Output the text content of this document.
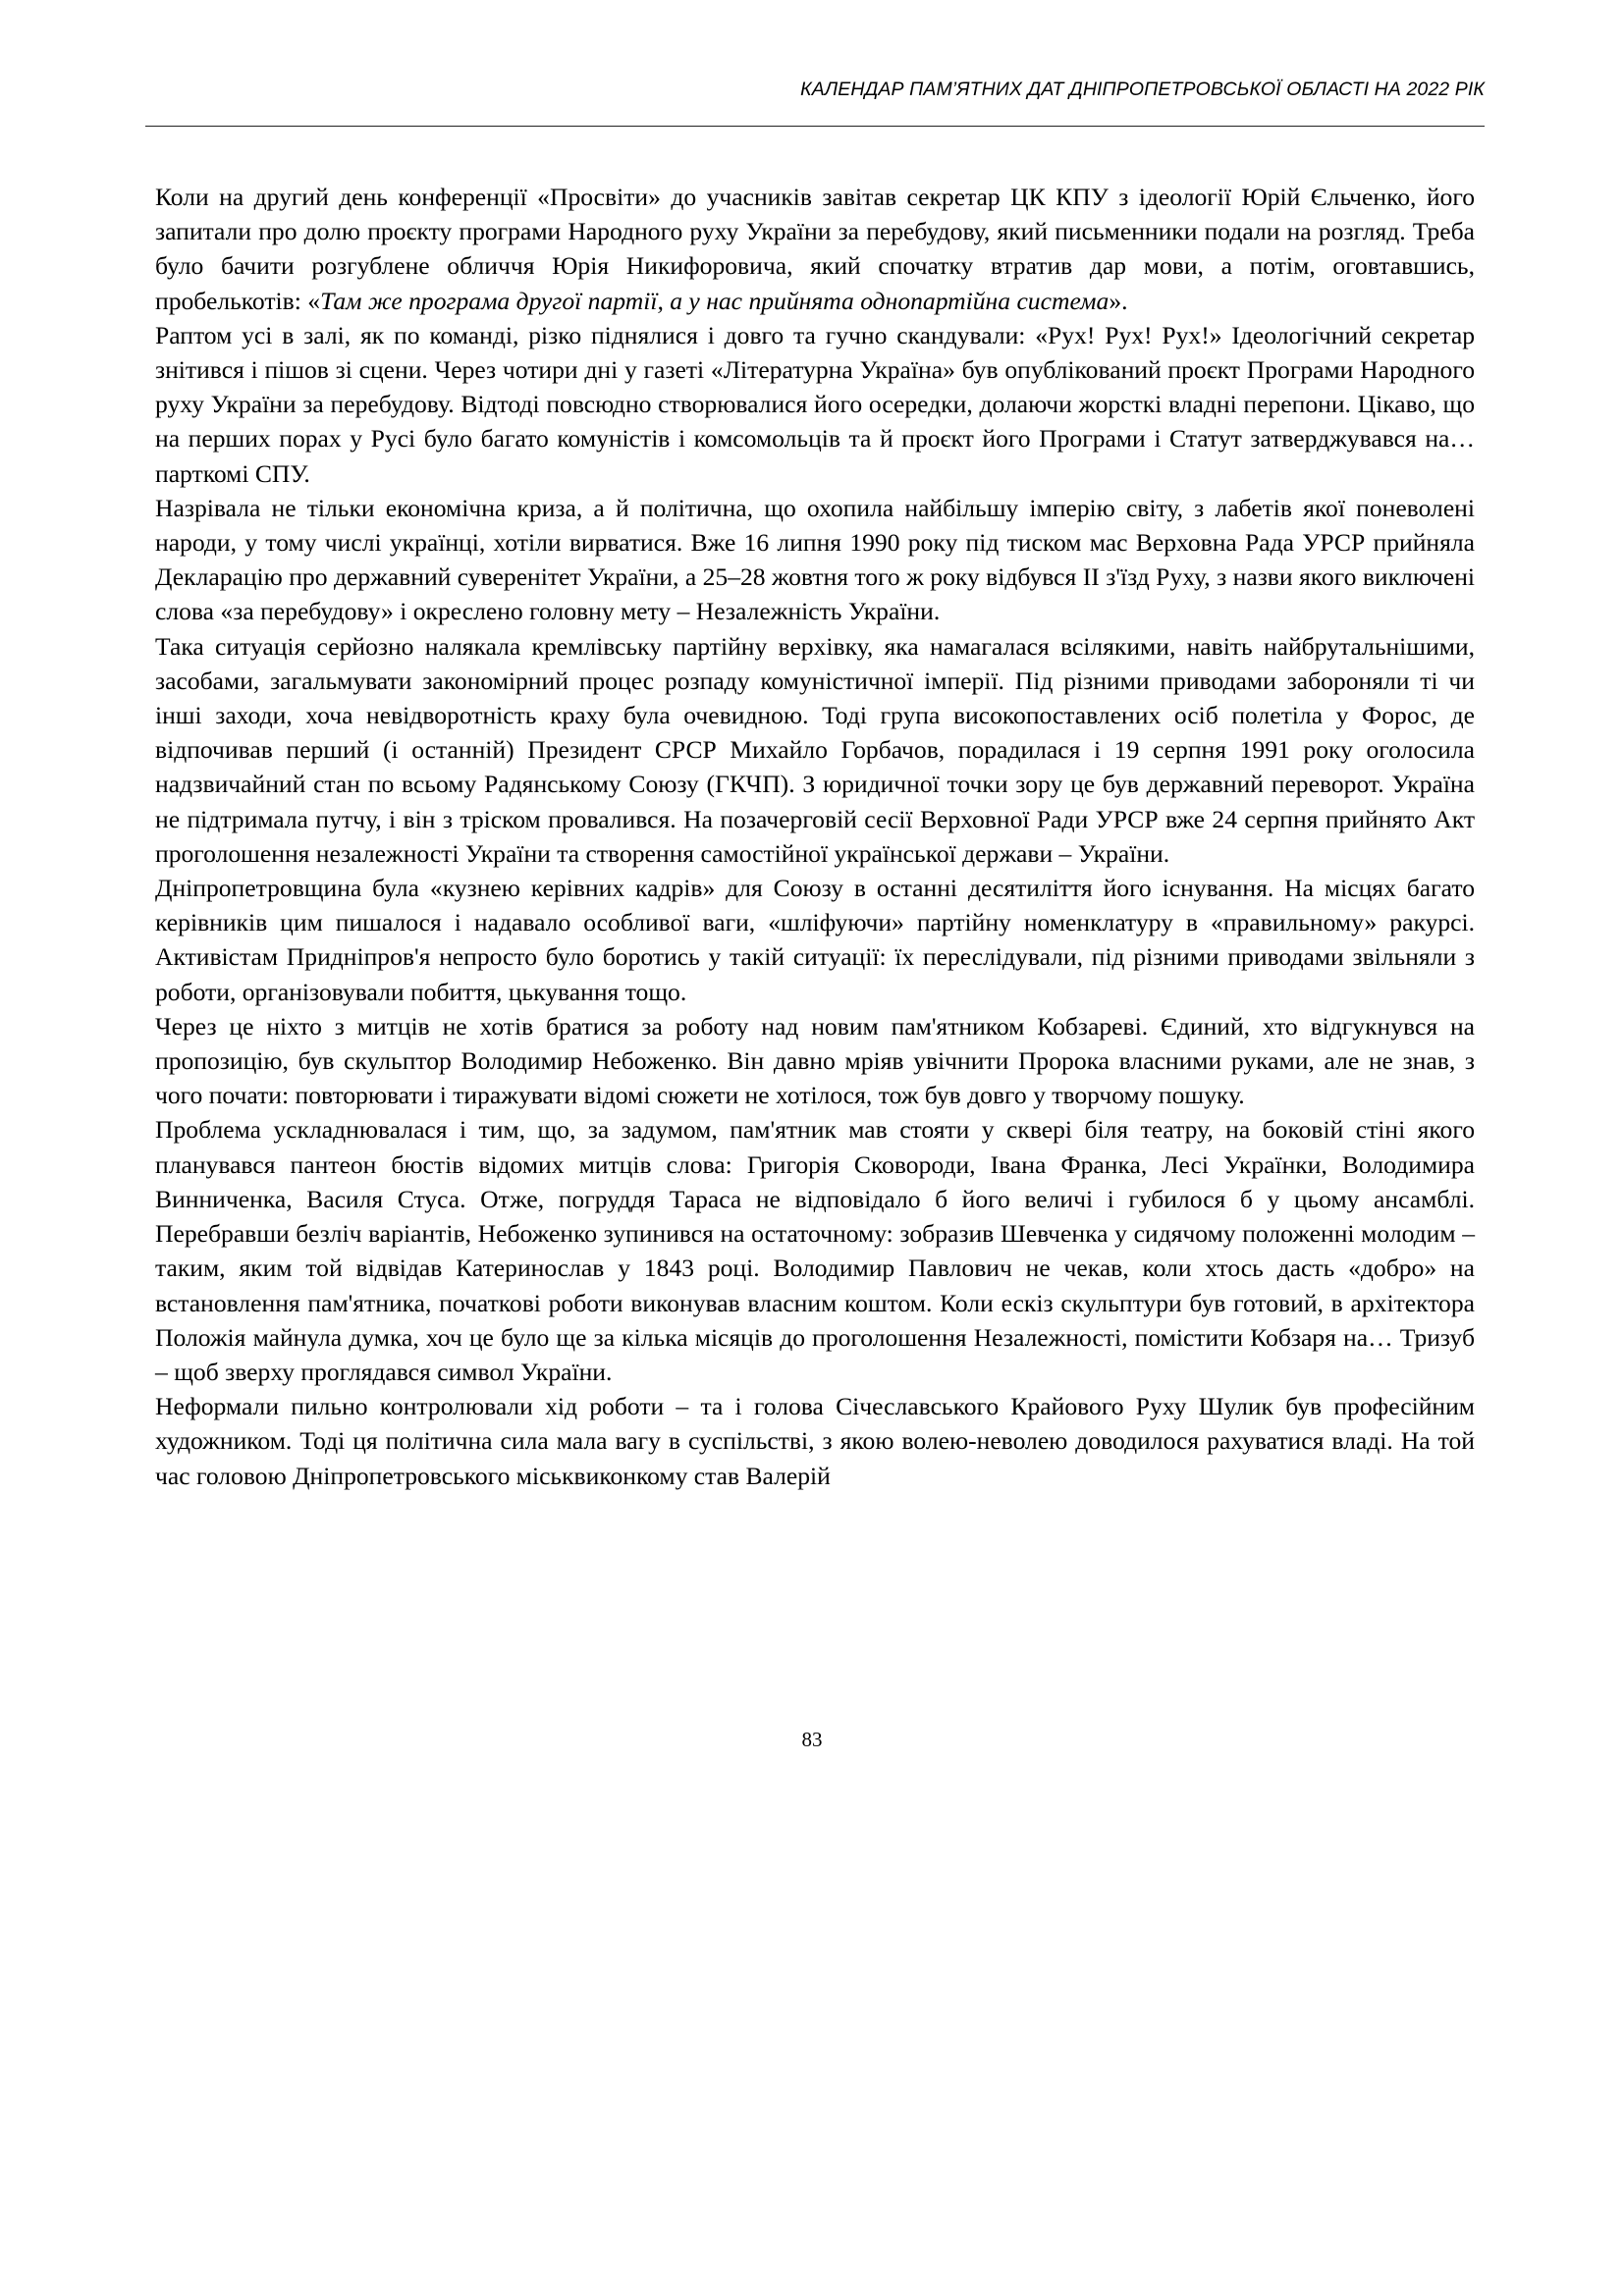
КАЛЕНДАР ПАМ’ЯТНИХ ДАТ ДНІПРОПЕТРОВСЬКОЇ ОБЛАСТІ НА 2022 РІК

Коли на другий день конференції «Просвіти» до учасників завітав секретар ЦК КПУ з ідеології Юрій Єльченко, його запитали про долю проєкту програми Народного руху України за перебудову, який письменники подали на розгляд. Треба було бачити розгублене обличчя Юрія Никифоровича, який спочатку втратив дар мови, а потім, оговтавшись, пробелькотів: «Там же програма другої партії, а у нас прийнята однопартійна система».

Раптом усі в залі, як по команді, різко піднялися і довго та гучно скандували: «Рух! Рух! Рух!» Ідеологічний секретар знітився і пішов зі сцени. Через чотири дні у газеті «Літературна Україна» був опублікований проєкт Програми Народного руху України за перебудову. Відтоді повсюдно створювалися його осередки, долаючи жорсткі владні перепони. Цікаво, що на перших порах у Русі було багато комуністів і комсомольців та й проєкт його Програми і Статут затверджувався на… парткомі СПУ.

Назрівала не тільки економічна криза, а й політична, що охопила найбільшу імперію світу, з лабетів якої поневолені народи, у тому числі українці, хотіли вирватися. Вже 16 липня 1990 року під тиском мас Верховна Рада УРСР прийняла Декларацію про державний суверенітет України, а 25–28 жовтня того ж року відбувся ІІ з'їзд Руху, з назви якого виключені слова «за перебудову» і окреслено головну мету – Незалежність України.

Така ситуація серйозно налякала кремлівську партійну верхівку, яка намагалася всілякими, навіть найбрутальнішими, засобами, загальмувати закономірний процес розпаду комуністичної імперії. Під різними приводами забороняли ті чи інші заходи, хоча невідворотність краху була очевидною. Тоді група високопоставлених осіб полетіла у Форос, де відпочивав перший (і останній) Президент СРСР Михайло Горбачов, порадилася і 19 серпня 1991 року оголосила надзвичайний стан по всьому Радянському Союзу (ГКЧП). З юридичної точки зору це був державний переворот. Україна не підтримала путчу, і він з тріском провалився. На позачерговій сесії Верховної Ради УРСР вже 24 серпня прийнято Акт проголошення незалежності України та створення самостійної української держави – України.

Дніпропетровщина була «кузнею керівних кадрів» для Союзу в останні десятиліття його існування. На місцях багато керівників цим пишалося і надавало особливої ваги, «шліфуючи» партійну номенклатуру в «правильному» ракурсі. Активістам Придніпров'я непросто було боротись у такій ситуації: їх переслідували, під різними приводами звільняли з роботи, організовували побиття, цькування тощо.

Через це ніхто з митців не хотів братися за роботу над новим пам'ятником Кобзареві. Єдиний, хто відгукнувся на пропозицію, був скульптор Володимир Небоженко. Він давно мріяв увічнити Пророка власними руками, але не знав, з чого почати: повторювати і тиражувати відомі сюжети не хотілося, тож був довго у творчому пошуку.

Проблема ускладнювалася і тим, що, за задумом, пам'ятник мав стояти у сквері біля театру, на боковій стіні якого планувався пантеон бюстів відомих митців слова: Григорія Сковороди, Івана Франка, Лесі Українки, Володимира Винниченка, Василя Стуса. Отже, погруддя Тараса не відповідало б його величі і губилося б у цьому ансамблі. Перебравши безліч варіантів, Небоженко зупинився на остаточному: зобразив Шевченка у сидячому положенні молодим – таким, яким той відвідав Катеринослав у 1843 році. Володимир Павлович не чекав, коли хтось дасть «добро» на встановлення пам'ятника, початкові роботи виконував власним коштом. Коли ескіз скульптури був готовий, в архітектора Положія майнула думка, хоч це було ще за кілька місяців до проголошення Незалежності, помістити Кобзаря на… Тризуб – щоб зверху проглядався символ України.

Неформали пильно контролювали хід роботи – та і голова Січеславського Крайового Руху Шулик був професійним художником. Тоді ця політична сила мала вагу в суспільстві, з якою волею-неволею доводилося рахуватися владі. На той час головою Дніпропетровського міськвиконкому став Валерій

83
